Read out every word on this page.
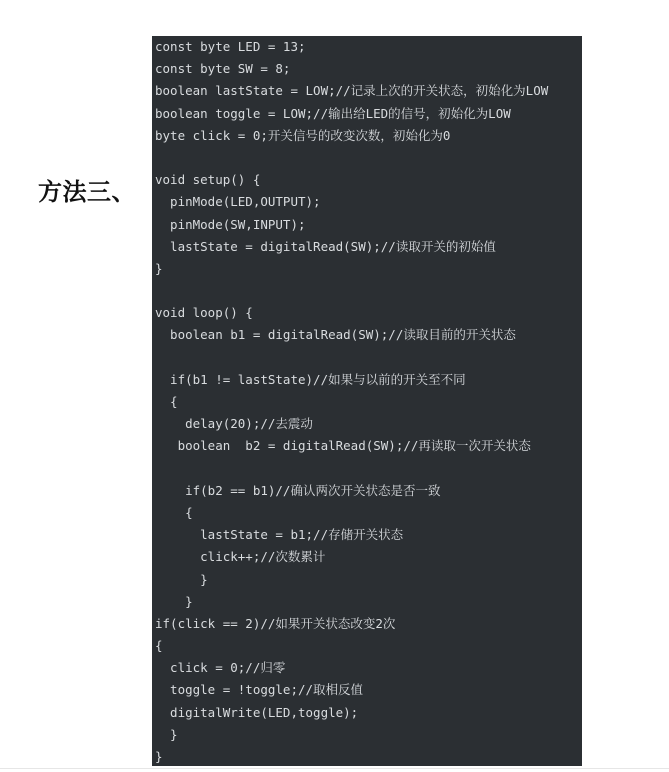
方法三、
const byte LED = 13;
const byte SW = 8;
boolean lastState = LOW;//记录上次的开关状态，初始化为LOW
boolean toggle = LOW;//输出给LED的信号，初始化为LOW
byte click = 0;开关信号的改变次数，初始化为0
void setup() {
pinMode(LED,OUTPUT);
pinMode(SW,INPUT);
lastState = digitalRead(SW);//读取开关的初始值
}
void loop() {
boolean b1 = digitalRead(SW);//读取目前的开关状态
if(b1 != lastState)//如果与以前的开关至不同
{
delay(20);//去震动
boolean  b2 = digitalRead(SW);//再读取一次开关状态
if(b2 == b1)//确认两次开关状态是否一致
{
lastState = b1;//存储开关状态
click++;//次数累计
}
}
if(click == 2)//如果开关状态改变2次
{
click = 0;//归零
toggle = !toggle;//取相反值
digitalWrite(LED,toggle);
}
}
